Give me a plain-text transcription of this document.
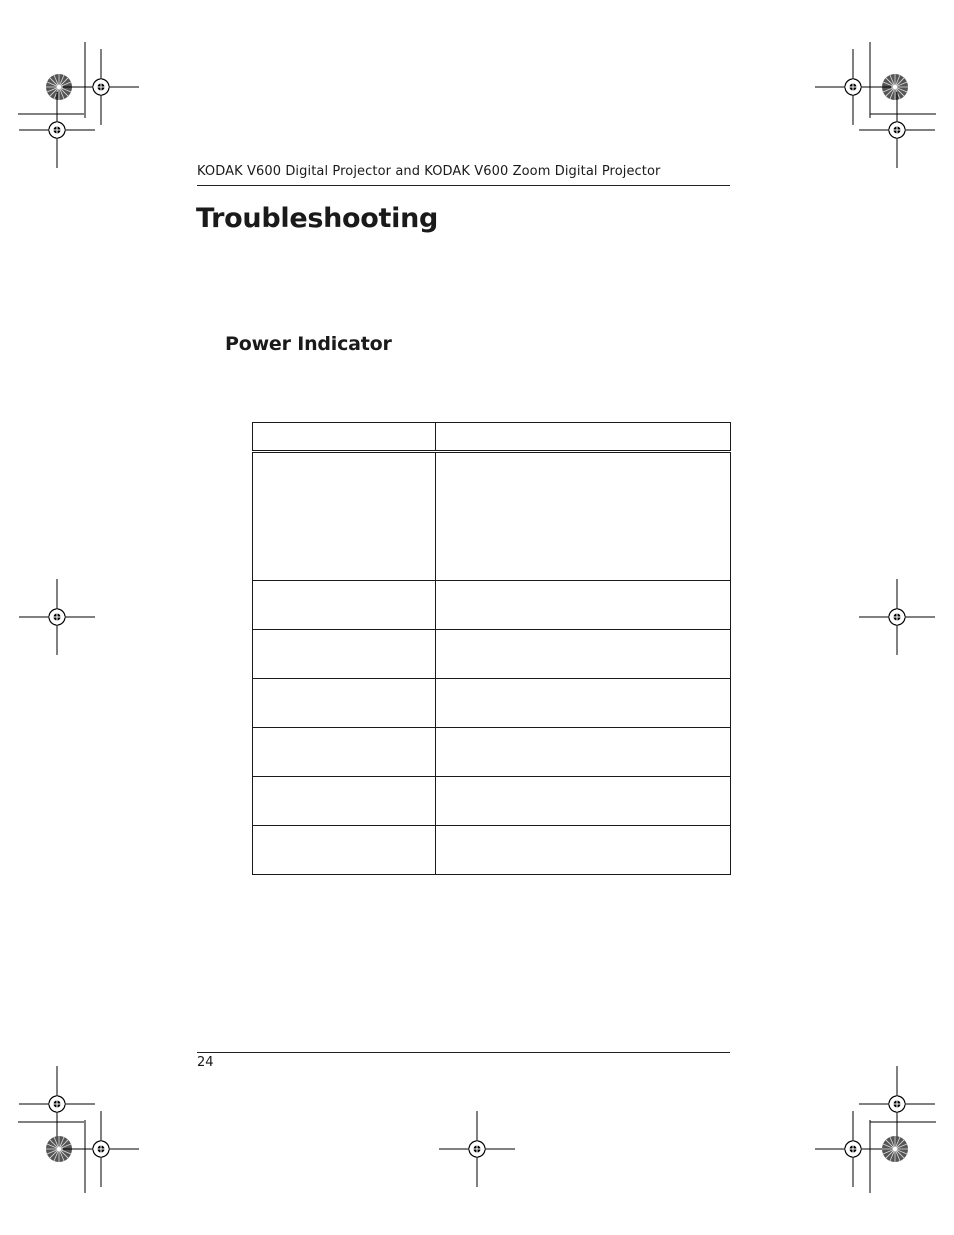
KODAK V600 Digital Projector and KODAK V600 Zoom Digital Projector
Troubleshooting
Power Indicator

24
